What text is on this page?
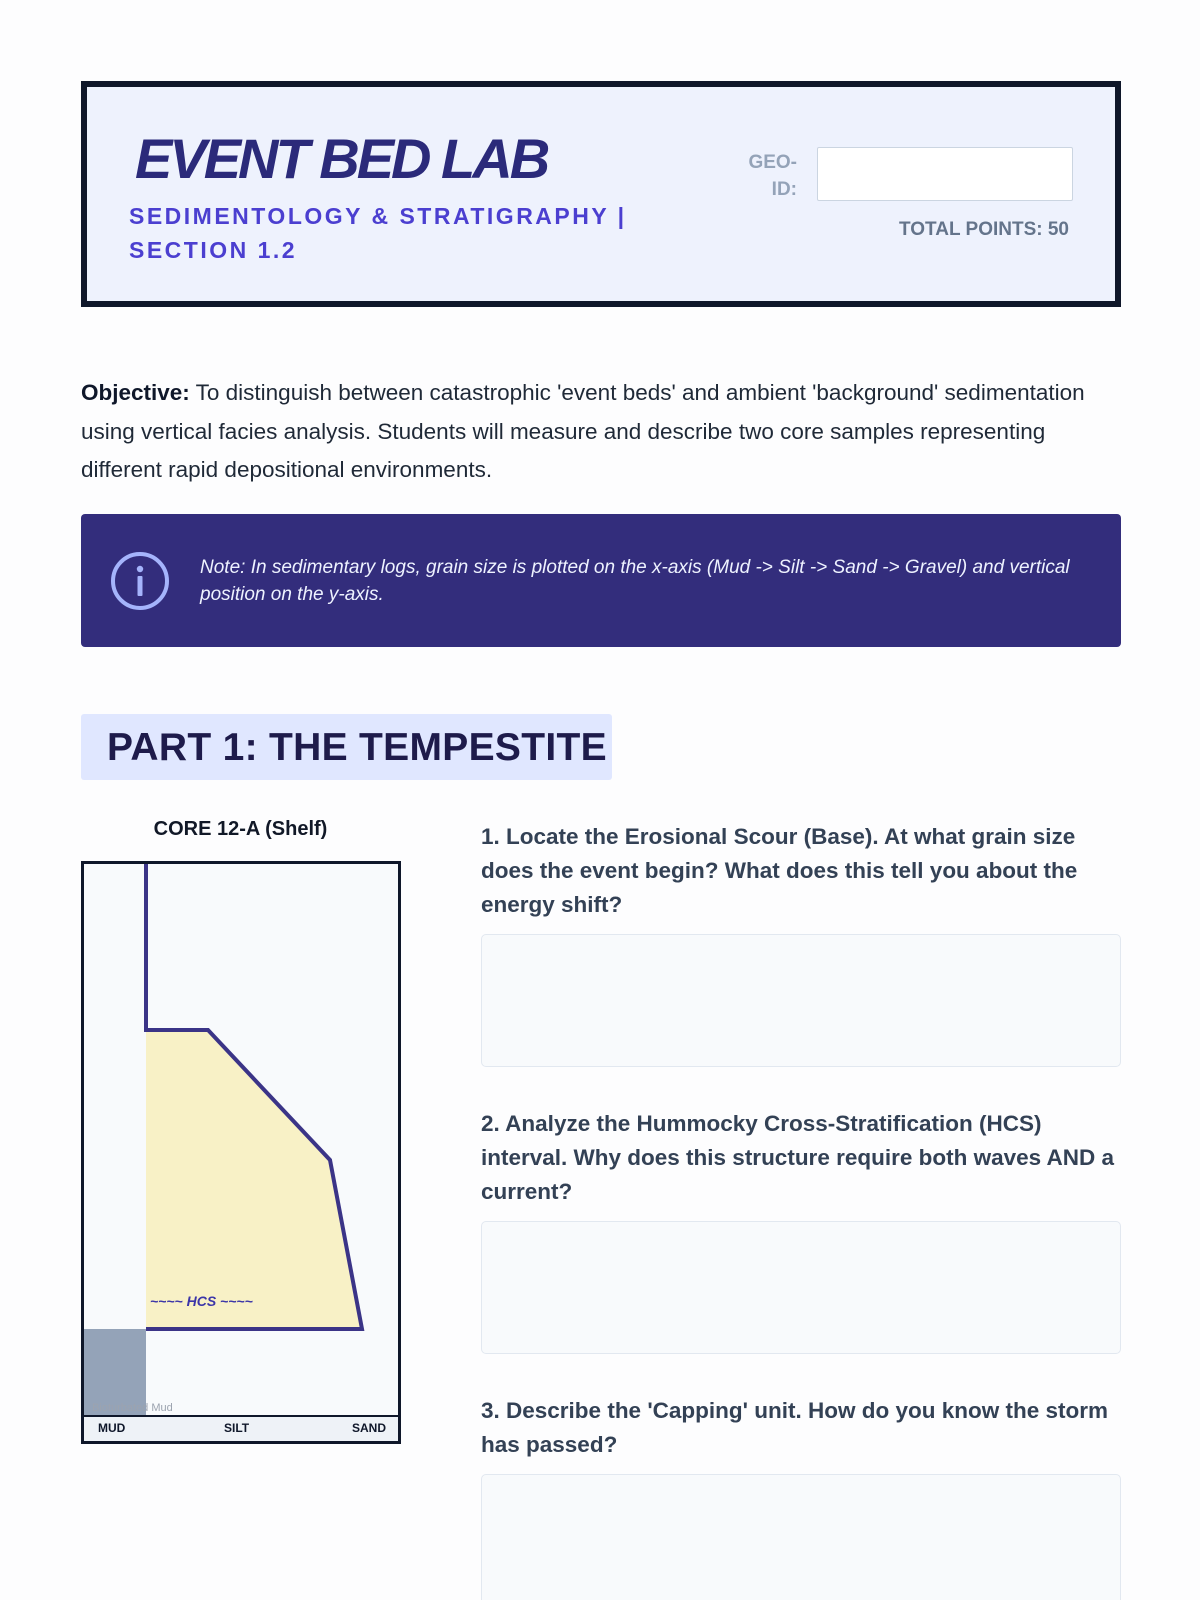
EVENT BED LAB
SEDIMENTOLOGY & STRATIGRAPHY | SECTION 1.2
GEO-ID:
TOTAL POINTS: 50

Objective: To distinguish between catastrophic 'event beds' and ambient 'background' sedimentation using vertical facies analysis. Students will measure and describe two core samples representing different rapid depositional environments.

Note: In sedimentary logs, grain size is plotted on the x-axis (Mud -> Silt -> Sand -> Gravel) and vertical position on the y-axis.
PART 1: THE TEMPESTITE
CORE 12-A (Shelf)
~~~~ HCS ~~~~
Bioturbated Mud
MUD	SILT	SAND
1. Locate the Erosional Scour (Base). At what grain size does the event begin? What does this tell you about the energy shift?
2. Analyze the Hummocky Cross-Stratification (HCS) interval. Why does this structure require both waves AND a current?
3. Describe the 'Capping' unit. How do you know the storm has passed?
